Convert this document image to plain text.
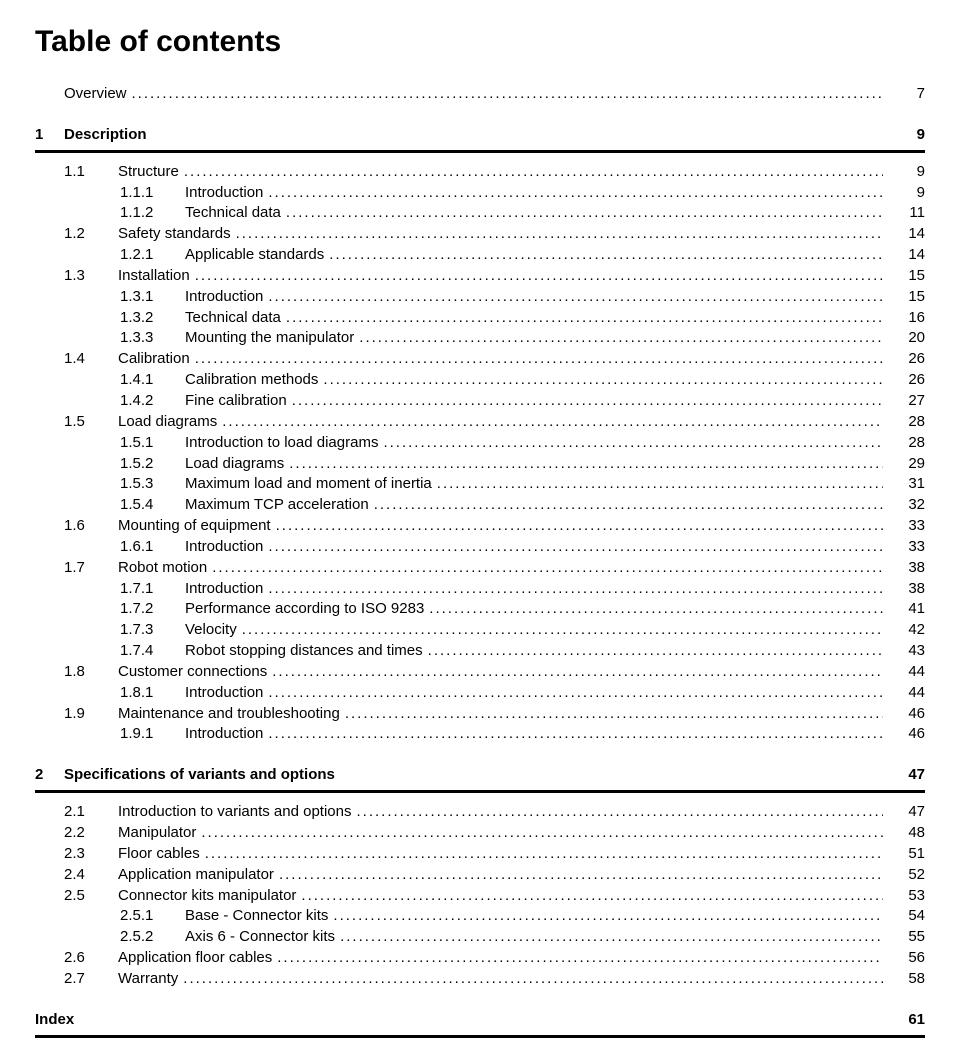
Table of contents
Overview .....	7
1	Description	9
1.1	Structure .....	9
1.1.1	Introduction .....	9
1.1.2	Technical data .....	11
1.2	Safety standards .....	14
1.2.1	Applicable standards .....	14
1.3	Installation .....	15
1.3.1	Introduction .....	15
1.3.2	Technical data .....	16
1.3.3	Mounting the manipulator .....	20
1.4	Calibration .....	26
1.4.1	Calibration methods .....	26
1.4.2	Fine calibration .....	27
1.5	Load diagrams .....	28
1.5.1	Introduction to load diagrams .....	28
1.5.2	Load diagrams .....	29
1.5.3	Maximum load and moment of inertia .....	31
1.5.4	Maximum TCP acceleration .....	32
1.6	Mounting of equipment .....	33
1.6.1	Introduction .....	33
1.7	Robot motion .....	38
1.7.1	Introduction .....	38
1.7.2	Performance according to ISO 9283 .....	41
1.7.3	Velocity .....	42
1.7.4	Robot stopping distances and times .....	43
1.8	Customer connections .....	44
1.8.1	Introduction .....	44
1.9	Maintenance and troubleshooting .....	46
1.9.1	Introduction .....	46
2	Specifications of variants and options	47
2.1	Introduction to variants and options .....	47
2.2	Manipulator .....	48
2.3	Floor cables .....	51
2.4	Application manipulator .....	52
2.5	Connector kits manipulator .....	53
2.5.1	Base - Connector kits .....	54
2.5.2	Axis 6 - Connector kits .....	55
2.6	Application floor cables .....	56
2.7	Warranty .....	58
Index	61
